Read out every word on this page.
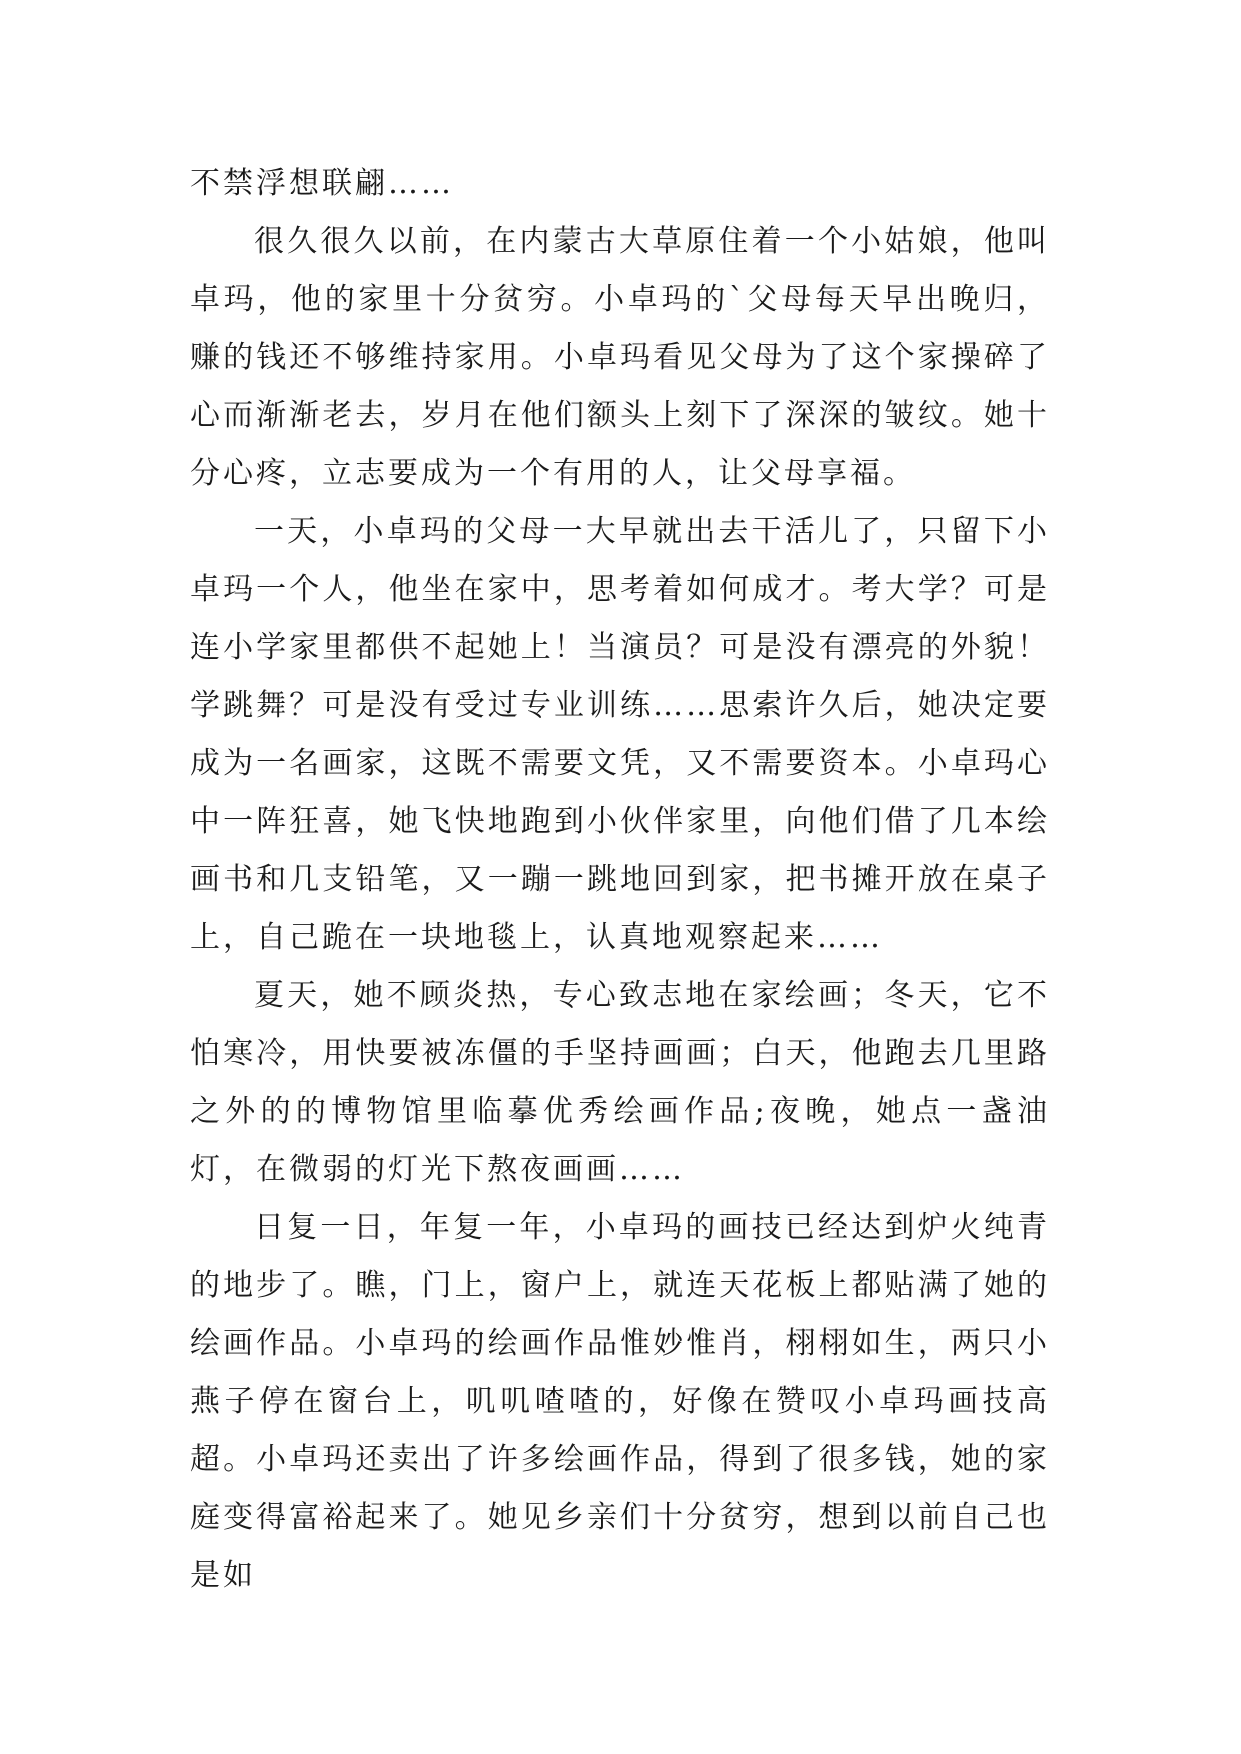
不禁浮想联翩……

很久很久以前，在内蒙古大草原住着一个小姑娘，他叫卓玛，他的家里十分贫穷。小卓玛的`父母每天早出晚归，赚的钱还不够维持家用。小卓玛看见父母为了这个家操碎了心而渐渐老去，岁月在他们额头上刻下了深深的皱纹。她十分心疼，立志要成为一个有用的人，让父母享福。

一天，小卓玛的父母一大早就出去干活儿了，只留下小卓玛一个人，他坐在家中，思考着如何成才。考大学？可是连小学家里都供不起她上！当演员？可是没有漂亮的外貌！学跳舞？可是没有受过专业训练……思索许久后，她决定要成为一名画家，这既不需要文凭，又不需要资本。小卓玛心中一阵狂喜，她飞快地跑到小伙伴家里，向他们借了几本绘画书和几支铅笔，又一蹦一跳地回到家，把书摊开放在桌子上，自己跪在一块地毯上，认真地观察起来……

夏天，她不顾炎热，专心致志地在家绘画；冬天，它不怕寒冷，用快要被冻僵的手坚持画画；白天，他跑去几里路之外的的博物馆里临摹优秀绘画作品;夜晚，她点一盏油灯，在微弱的灯光下熬夜画画……

日复一日，年复一年，小卓玛的画技已经达到炉火纯青的地步了。瞧，门上，窗户上，就连天花板上都贴满了她的绘画作品。小卓玛的绘画作品惟妙惟肖，栩栩如生，两只小燕子停在窗台上，叽叽喳喳的，好像在赞叹小卓玛画技高超。小卓玛还卖出了许多绘画作品，得到了很多钱，她的家庭变得富裕起来了。她见乡亲们十分贫穷，想到以前自己也是如
